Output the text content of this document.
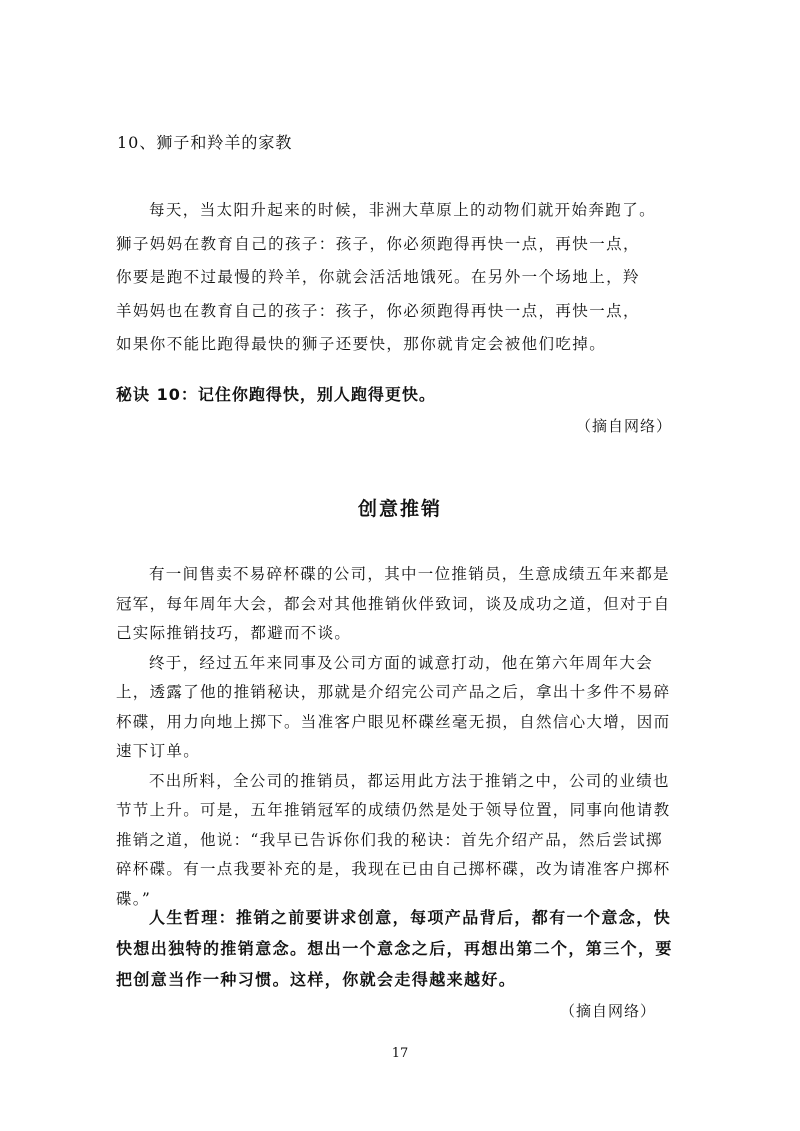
10、狮子和羚羊的家教

每天，当太阳升起来的时候，非洲大草原上的动物们就开始奔跑了。 狮子妈妈在教育自己的孩子：孩子，你必须跑得再快一点，再快一点，你要是跑不过最慢的羚羊，你就会活活地饿死。在另外一个场地上，羚羊妈妈也在教育自己的孩子：孩子，你必须跑得再快一点，再快一点，如果你不能比跑得最快的狮子还要快，那你就肯定会被他们吃掉。

秘诀 10：记住你跑得快，别人跑得更快。
（摘自网络）
创意推销

有一间售卖不易碎杯碟的公司，其中一位推销员，生意成绩五年来都是冠军，每年周年大会，都会对其他推销伙伴致词，谈及成功之道，但对于自己实际推销技巧，都避而不谈。

终于，经过五年来同事及公司方面的诚意打动，他在第六年周年大会上，透露了他的推销秘诀，那就是介绍完公司产品之后，拿出十多件不易碎杯碟，用力向地上掷下。当准客户眼见杯碟丝毫无损，自然信心大增，因而速下订单。

不出所料，全公司的推销员，都运用此方法于推销之中，公司的业绩也节节上升。可是，五年推销冠军的成绩仍然是处于领导位置，同事向他请教推销之道，他说：“我早已告诉你们我的秘诀：首先介绍产品，然后尝试掷碎杯碟。有一点我要补充的是，我现在已由自己掷杯碟，改为请准客户掷杯碟。”

人生哲理：推销之前要讲求创意，每项产品背后，都有一个意念，快快想出独特的推销意念。想出一个意念之后，再想出第二个，第三个，要把创意当作一种习惯。这样，你就会走得越来越好。

（摘自网络）
17
